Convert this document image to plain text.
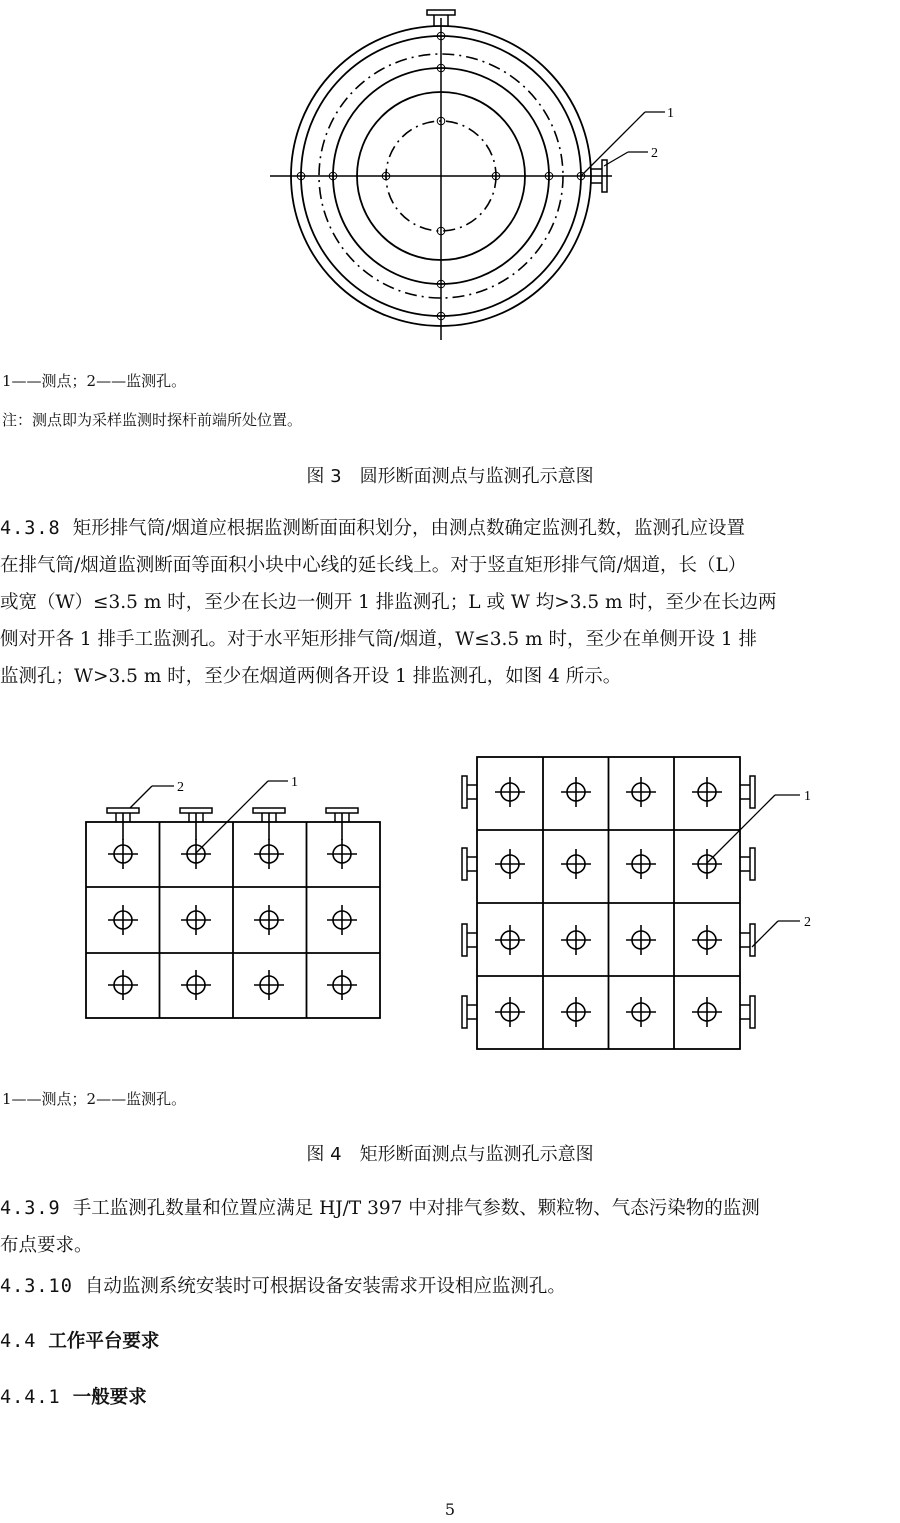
1
2
1——测点；2——监测孔。
注：测点即为采样监测时探杆前端所处位置。
图 3　圆形断面测点与监测孔示意图
4.3.8 矩形排气筒/烟道应根据监测断面面积划分，由测点数确定监测孔数，监测孔应设置
在排气筒/烟道监测断面等面积小块中心线的延长线上。对于竖直矩形排气筒/烟道，长（L）
或宽（W）≤3.5 m 时，至少在长边一侧开 1 排监测孔；L 或 W 均>3.5 m 时，至少在长边两
侧对开各 1 排手工监测孔。对于水平矩形排气筒/烟道，W≤3.5 m 时，至少在单侧开设 1 排
监测孔；W>3.5 m 时，至少在烟道两侧各开设 1 排监测孔，如图 4 所示。
2	1
1
2
1——测点；2——监测孔。
图 4　矩形断面测点与监测孔示意图
4.3.9 手工监测孔数量和位置应满足 HJ/T 397 中对排气参数、颗粒物、气态污染物的监测
布点要求。
4.3.10 自动监测系统安装时可根据设备安装需求开设相应监测孔。
4.4 工作平台要求
4.4.1 一般要求
5
